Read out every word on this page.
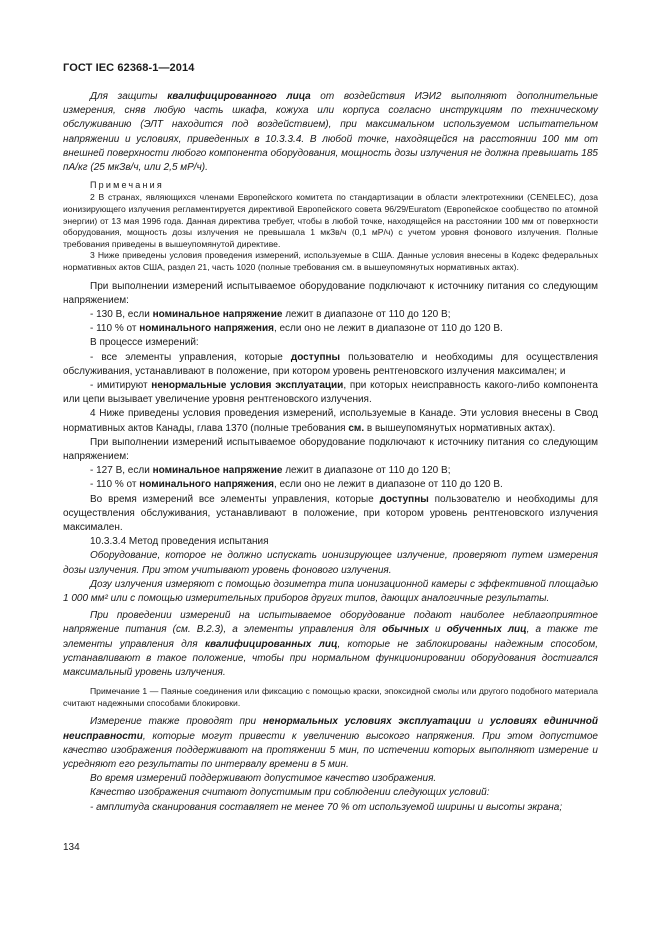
ГОСТ IEC 62368-1—2014

Для защиты квалифицированного лица от воздействия ИЭИ2 выполняют дополнительные измерения, сняв любую часть шкафа, кожуха или корпуса согласно инструкциям по техническому обслуживанию (ЭЛТ находится под воздействием), при максимальном используемом испытательном напряжении и условиях, приведенных в 10.3.3.4. В любой точке, находящейся на расстоянии 100 мм от внешней поверхности любого компонента оборудования, мощность дозы излучения не должна превышать 185 пА/кг (25 мкЗв/ч, или 2,5 мР/ч).

Примечания

2 В странах, являющихся членами Европейского комитета по стандартизации в области электротехники (CENELEC), доза ионизирующего излучения регламентируется директивой Европейского совета 96/29/Euratom (Европейское сообщество по атомной энергии) от 13 мая 1996 года. Данная директива требует, чтобы в любой точке, находящейся на расстоянии 100 мм от поверхности оборудования, мощность дозы излучения не превышала 1 мкЗв/ч (0,1 мР/ч) с учетом уровня фонового излучения. Полные требования приведены в вышеупомянутой директиве.

3 Ниже приведены условия проведения измерений, используемые в США. Данные условия внесены в Кодекс федеральных нормативных актов США, раздел 21, часть 1020 (полные требования см. в вышеупомянутых нормативных актах).

При выполнении измерений испытываемое оборудование подключают к источнику питания со следующим напряжением:

- 130 В, если номинальное напряжение лежит в диапазоне от 110 до 120 В;

- 110 % от номинального напряжения, если оно не лежит в диапазоне от 110 до 120 В.

В процессе измерений:

- все элементы управления, которые доступны пользователю и необходимы для осуществления обслуживания, устанавливают в положение, при котором уровень рентгеновского излучения максимален; и

- имитируют ненормальные условия эксплуатации, при которых неисправность какого-либо компонента или цепи вызывает увеличение уровня рентгеновского излучения.

4 Ниже приведены условия проведения измерений, используемые в Канаде. Эти условия внесены в Свод нормативных актов Канады, глава 1370 (полные требования см. в вышеупомянутых нормативных актах).

При выполнении измерений испытываемое оборудование подключают к источнику питания со следующим напряжением:

- 127 В, если номинальное напряжение лежит в диапазоне от 110 до 120 В;

- 110 % от номинального напряжения, если оно не лежит в диапазоне от 110 до 120 В.

Во время измерений все элементы управления, которые доступны пользователю и необходимы для осуществления обслуживания, устанавливают в положение, при котором уровень рентгеновского излучения максимален.

10.3.3.4 Метод проведения испытания

Оборудование, которое не должно испускать ионизирующее излучение, проверяют путем измерения дозы излучения. При этом учитывают уровень фонового излучения.

Дозу излучения измеряют с помощью дозиметра типа ионизационной камеры с эффективной площадью 1 000 мм² или с помощью измерительных приборов других типов, дающих аналогичные результаты.

При проведении измерений на испытываемое оборудование подают наиболее неблагоприятное напряжение питания (см. В.2.3), а элементы управления для обычных и обученных лиц, а также те элементы управления для квалифицированных лиц, которые не заблокированы надежным способом, устанавливают в такое положение, чтобы при нормальном функционировании оборудования достигался максимальный уровень излучения.

Примечание 1 — Паяные соединения или фиксацию с помощью краски, эпоксидной смолы или другого подобного материала считают надежными способами блокировки.

Измерение также проводят при ненормальных условиях эксплуатации и условиях единичной неисправности, которые могут привести к увеличению высокого напряжения. При этом допустимое качество изображения поддерживают на протяжении 5 мин, по истечении которых выполняют измерение и усредняют его результаты по интервалу времени в 5 мин.

Во время измерений поддерживают допустимое качество изображения.

Качество изображения считают допустимым при соблюдении следующих условий:

- амплитуда сканирования составляет не менее 70 % от используемой ширины и высоты экрана;

134
